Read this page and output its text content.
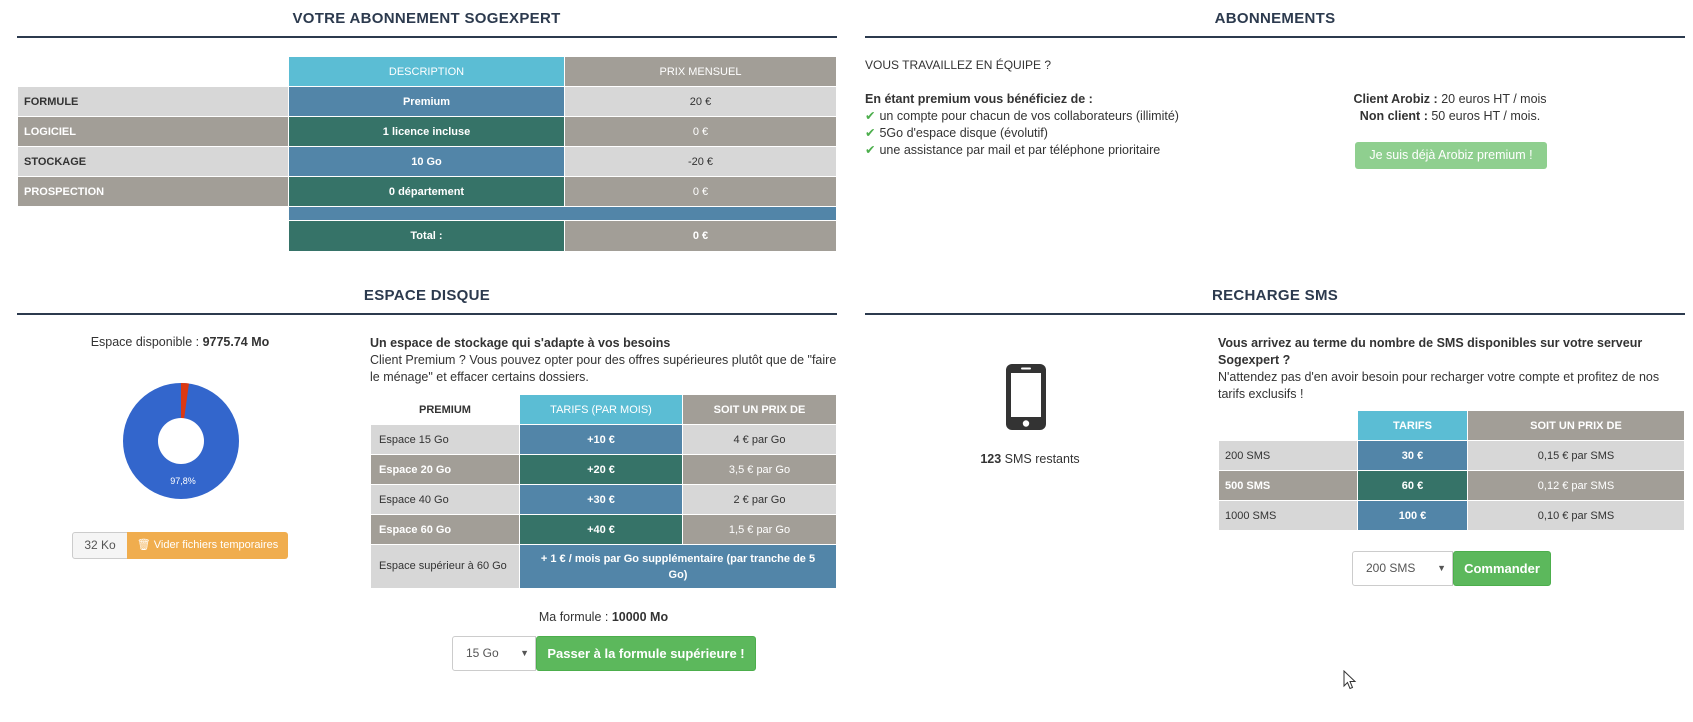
VOTRE ABONNEMENT SOGEXPERT
	DESCRIPTION	PRIX MENSUEL
FORMULE	Premium	20 €
LOGICIEL	1 licence incluse	0 €
STOCKAGE	10 Go	-20 €
PROSPECTION	0 département	0 €

	Total :	0 €
ABONNEMENTS
VOUS TRAVAILLEZ EN ÉQUIPE ?
En étant premium vous bénéficiez de :
✔ un compte pour chacun de vos collaborateurs (illimité)
✔ 5Go d'espace disque (évolutif)
✔ une assistance par mail et par téléphone prioritaire
Client Arobiz : 20 euros HT / mois
Non client : 50 euros HT / mois.
Je suis déjà Arobiz premium !
ESPACE DISQUE
Espace disponible : 9775.74 Mo
97,8%
32 Ko	🗑 Vider fichiers temporaires
Un espace de stockage qui s'adapte à vos besoins
Client Premium ? Vous pouvez opter pour des offres supérieures plutôt que de "faire le ménage" et effacer certains dossiers.
PREMIUM	TARIFS (PAR MOIS)	SOIT UN PRIX DE
Espace 15 Go	+10 €	4 € par Go
Espace 20 Go	+20 €	3,5 € par Go
Espace 40 Go	+30 €	2 € par Go
Espace 60 Go	+40 €	1,5 € par Go
Espace supérieur à 60 Go	+ 1 € / mois par Go supplémentaire (par tranche de 5 Go)	
Ma formule : 10000 Mo
15 Go ▼	Passer à la formule supérieure !
RECHARGE SMS
123 SMS restants
Vous arrivez au terme du nombre de SMS disponibles sur votre serveur Sogexpert ?
N'attendez pas d'en avoir besoin pour recharger votre compte et profitez de nos tarifs exclusifs !
	TARIFS	SOIT UN PRIX DE
200 SMS	30 €	0,15 € par SMS
500 SMS	60 €	0,12 € par SMS
1000 SMS	100 €	0,10 € par SMS
200 SMS ▼	Commander
